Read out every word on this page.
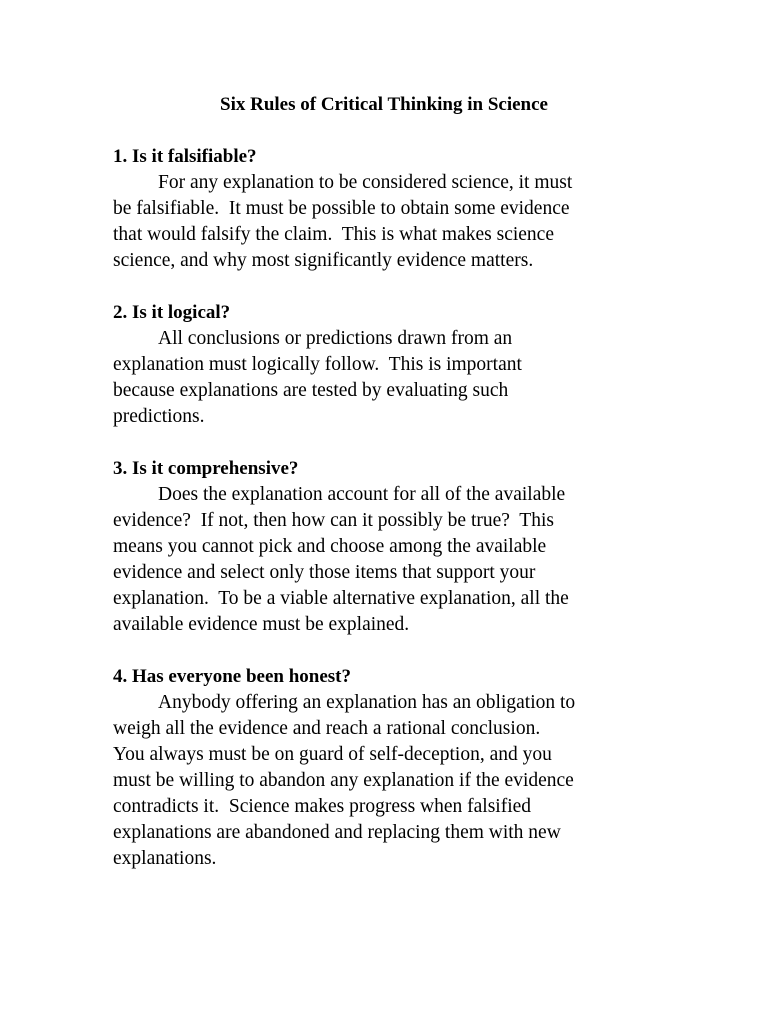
Six Rules of Critical Thinking in Science
1. Is it falsifiable?
For any explanation to be considered science, it must
be falsifiable.  It must be possible to obtain some evidence
that would falsify the claim.  This is what makes science
science, and why most significantly evidence matters.
2. Is it logical?
All conclusions or predictions drawn from an
explanation must logically follow.  This is important
because explanations are tested by evaluating such
predictions.
3. Is it comprehensive?
Does the explanation account for all of the available
evidence?  If not, then how can it possibly be true?  This
means you cannot pick and choose among the available
evidence and select only those items that support your
explanation.  To be a viable alternative explanation, all the
available evidence must be explained.
4. Has everyone been honest?
Anybody offering an explanation has an obligation to
weigh all the evidence and reach a rational conclusion.
You always must be on guard of self-deception, and you
must be willing to abandon any explanation if the evidence
contradicts it.  Science makes progress when falsified
explanations are abandoned and replacing them with new
explanations.
